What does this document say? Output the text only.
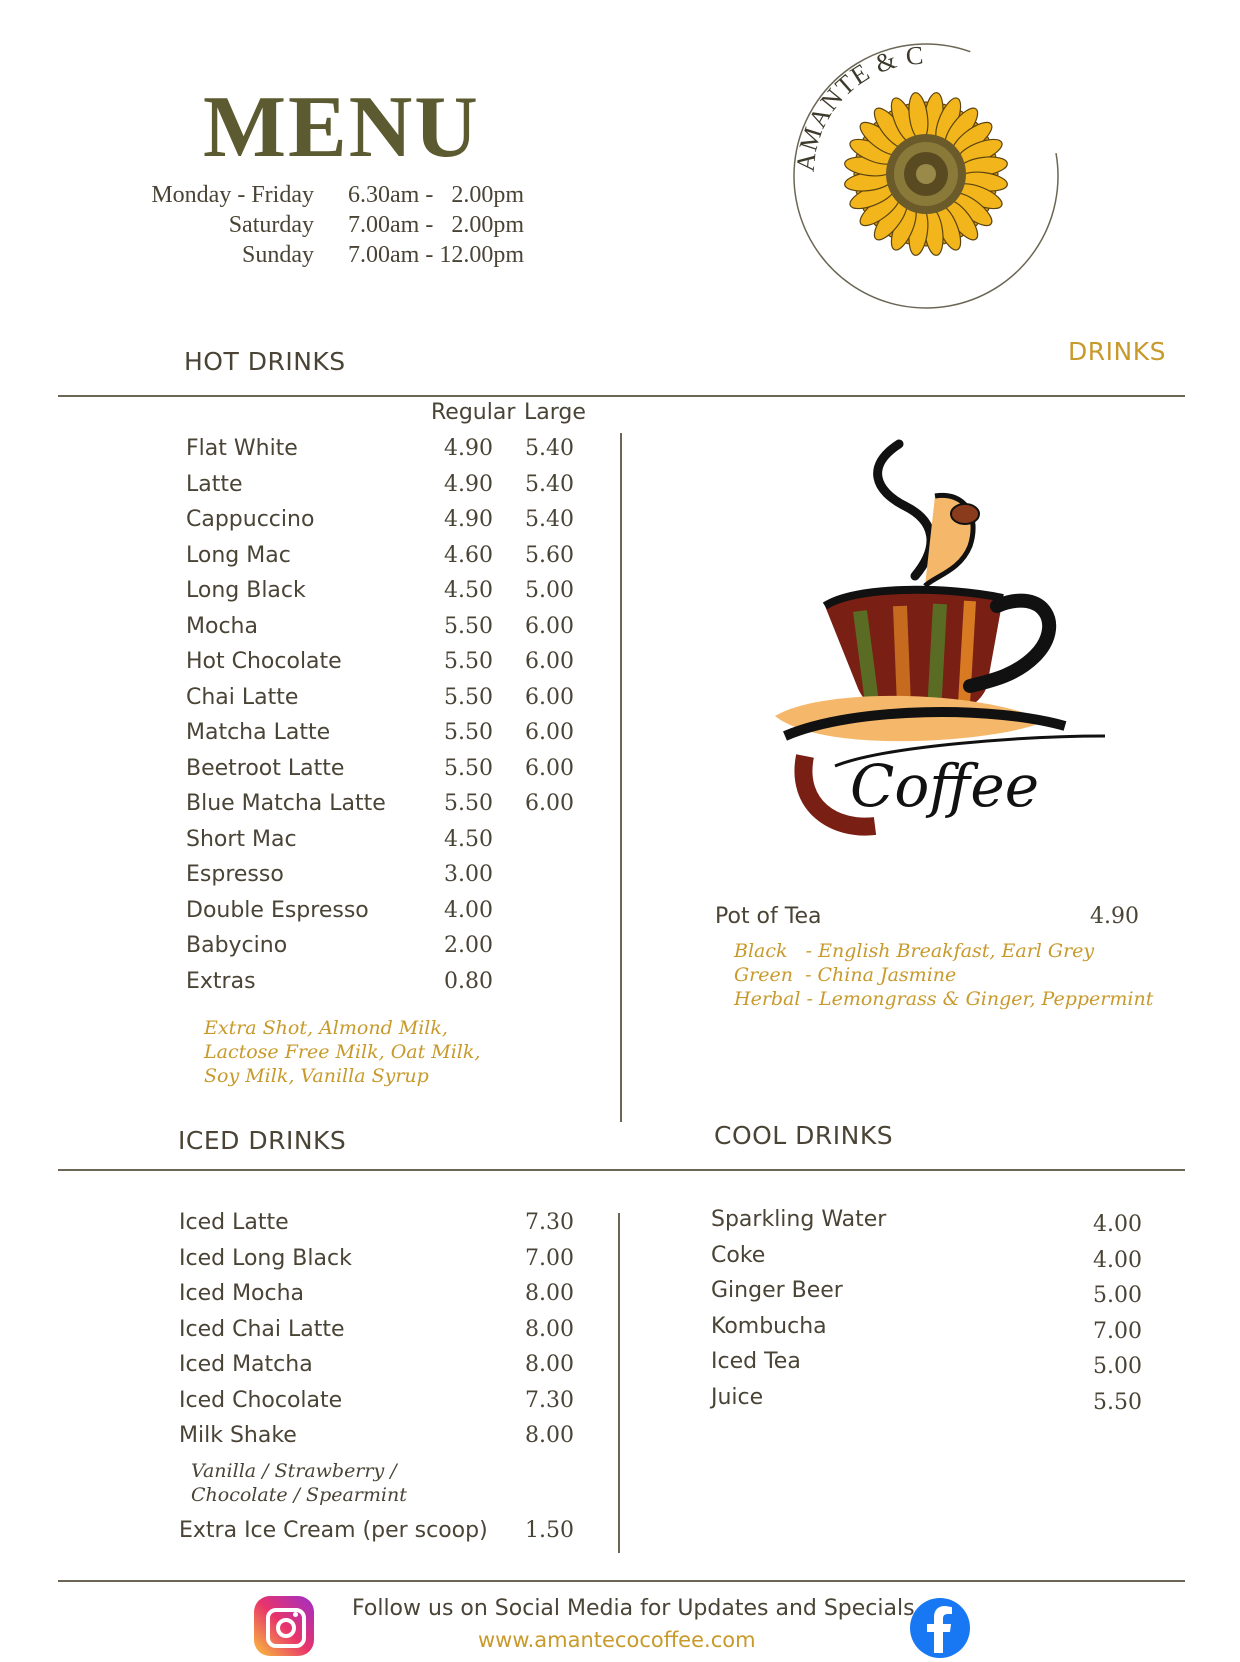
MENU
Monday - Friday 6.30am -   2.00pm
Saturday 7.00am -   2.00pm
Sunday 7.00am - 12.00pm
AMANTE & C
DRINKS
HOT DRINKS
Regular Large
Flat White	4.90 5.40
Latte	4.90 5.40
Cappuccino	4.90 5.40
Long Mac	4.60 5.60
Long Black	4.50 5.00
Mocha	5.50 6.00
Hot Chocolate	5.50 6.00
Chai Latte	5.50 6.00
Matcha Latte	5.50 6.00
Beetroot Latte	5.50 6.00
Blue Matcha Latte	5.50 6.00
Short Mac	4.50
Espresso	3.00
Double Espresso	4.00
Babycino	2.00
Extras	0.80
Extra Shot, Almond Milk,
Lactose Free Milk, Oat Milk,
Soy Milk, Vanilla Syrup
Coffee
Pot of Tea	4.90
Black   - English Breakfast, Earl Grey
Green  - China Jasmine
Herbal - Lemongrass & Ginger, Peppermint
ICED DRINKS	COOL DRINKS
Iced Latte	7.30
Iced Long Black	7.00
Iced Mocha	8.00
Iced Chai Latte	8.00
Iced Matcha	8.00
Iced Chocolate	7.30
Milk Shake	8.00
Vanilla / Strawberry /
Chocolate / Spearmint
Extra Ice Cream (per scoop) 1.50
Sparkling Water	4.00
Coke	4.00
Ginger Beer	5.00
Kombucha	7.00
Iced Tea	5.00
Juice	5.50
Follow us on Social Media for Updates and Specials
www.amantecocoffee.com
